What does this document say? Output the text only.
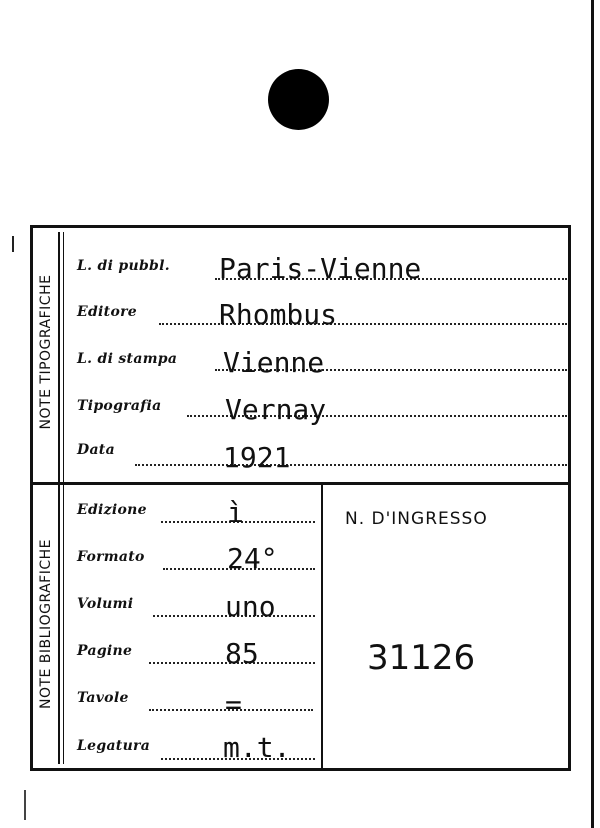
NOTE TIPOGRAFICHE
NOTE BIBLIOGRAFICHE
L. di pubbl. Paris-Vienne
Editore	Rhombus
L. di stampa Vienne
Tipografia Vernay
Data	1921
Edizione	ì
Formato	24°
Volumi	uno
Pagine	85
Tavole	=
Legatura	m.t.
N. D'INGRESSO
31126
